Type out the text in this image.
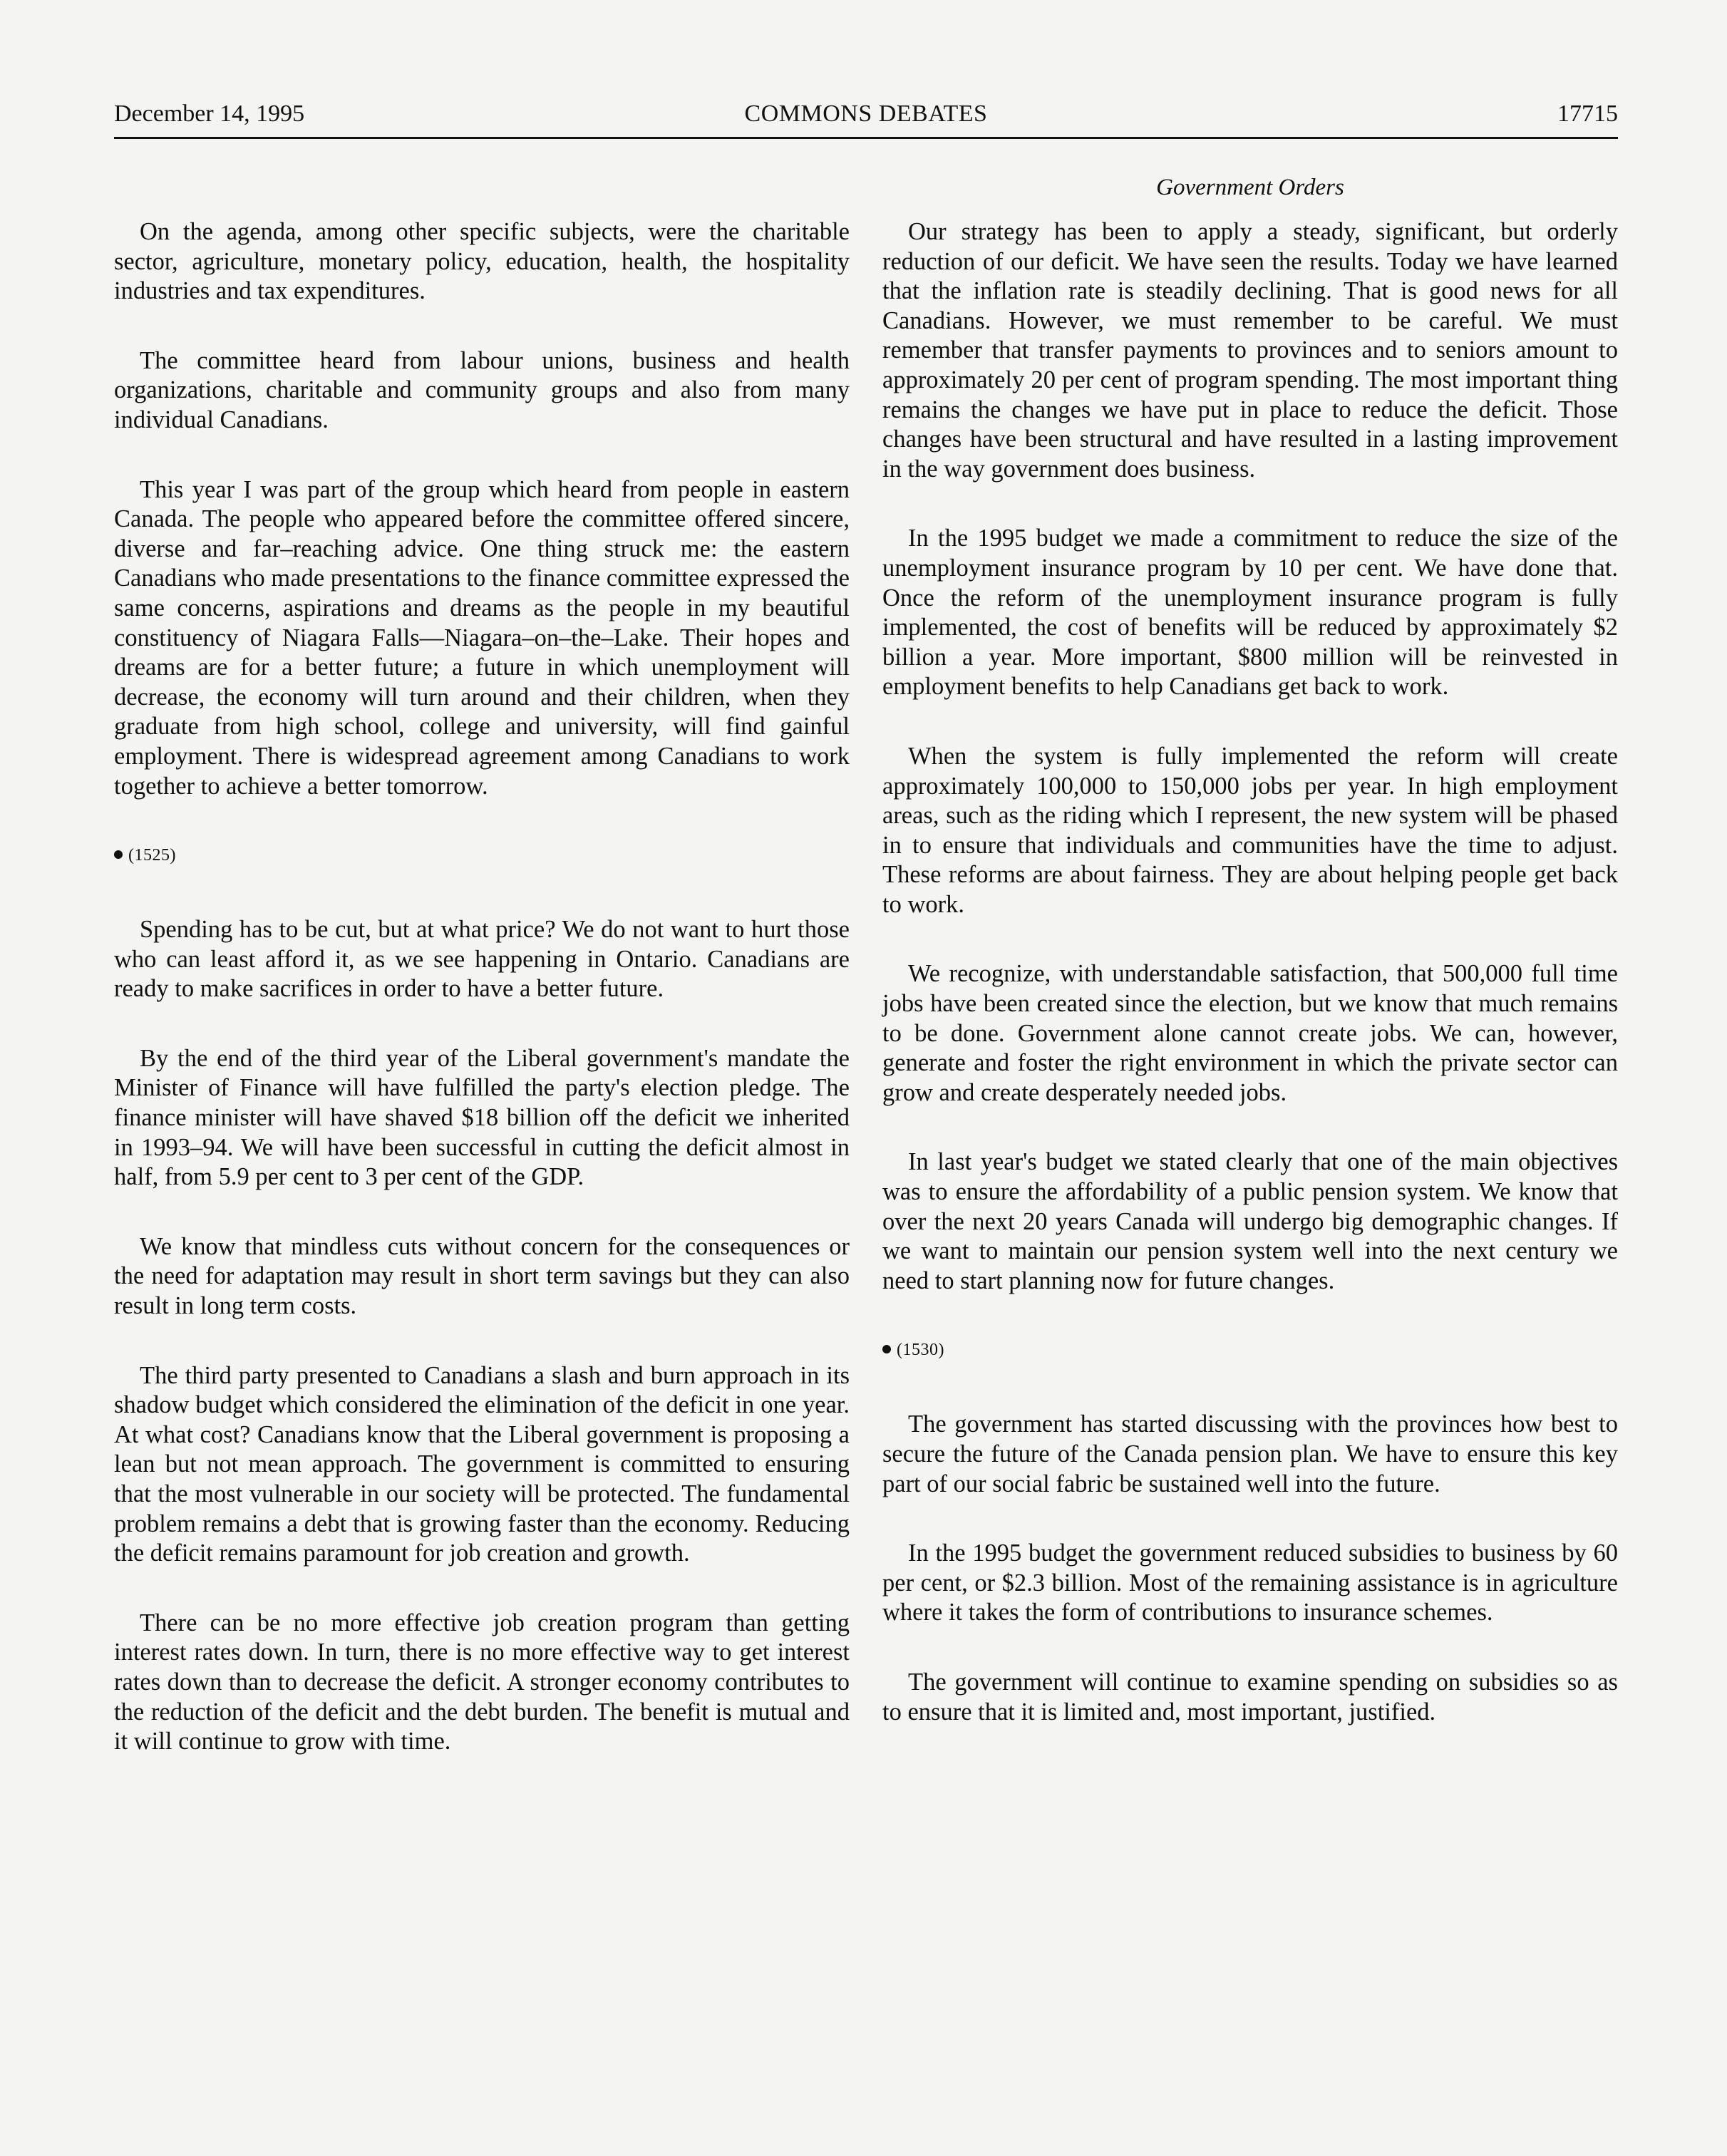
December 14, 1995	COMMONS DEBATES	17715
Government Orders

On the agenda, among other specific subjects, were the charitable sector, agriculture, monetary policy, education, health, the hospitality industries and tax expenditures.

The committee heard from labour unions, business and health organizations, charitable and community groups and also from many individual Canadians.

This year I was part of the group which heard from people in eastern Canada. The people who appeared before the committee offered sincere, diverse and far–reaching advice. One thing struck me: the eastern Canadians who made presentations to the finance committee expressed the same concerns, aspirations and dreams as the people in my beautiful constituency of Niagara Falls—Niagara–on–the–Lake. Their hopes and dreams are for a better future; a future in which unemployment will decrease, the economy will turn around and their children, when they graduate from high school, college and university, will find gainful employment. There is widespread agreement among Canadians to work together to achieve a better tomorrow.

(1525)

Spending has to be cut, but at what price? We do not want to hurt those who can least afford it, as we see happening in Ontario. Canadians are ready to make sacrifices in order to have a better future.

By the end of the third year of the Liberal government's mandate the Minister of Finance will have fulfilled the party's election pledge. The finance minister will have shaved $18 billion off the deficit we inherited in 1993–94. We will have been successful in cutting the deficit almost in half, from 5.9 per cent to 3 per cent of the GDP.

We know that mindless cuts without concern for the consequences or the need for adaptation may result in short term savings but they can also result in long term costs.

The third party presented to Canadians a slash and burn approach in its shadow budget which considered the elimination of the deficit in one year. At what cost? Canadians know that the Liberal government is proposing a lean but not mean approach. The government is committed to ensuring that the most vulnerable in our society will be protected. The fundamental problem remains a debt that is growing faster than the economy. Reducing the deficit remains paramount for job creation and growth.

There can be no more effective job creation program than getting interest rates down. In turn, there is no more effective way to get interest rates down than to decrease the deficit. A stronger economy contributes to the reduction of the deficit and the debt burden. The benefit is mutual and it will continue to grow with time.

Our strategy has been to apply a steady, significant, but orderly reduction of our deficit. We have seen the results. Today we have learned that the inflation rate is steadily declining. That is good news for all Canadians. However, we must remember to be careful. We must remember that transfer payments to provinces and to seniors amount to approximately 20 per cent of program spending. The most important thing remains the changes we have put in place to reduce the deficit. Those changes have been structural and have resulted in a lasting improvement in the way government does business.

In the 1995 budget we made a commitment to reduce the size of the unemployment insurance program by 10 per cent. We have done that. Once the reform of the unemployment insurance program is fully implemented, the cost of benefits will be reduced by approximately $2 billion a year. More important, $800 million will be reinvested in employment benefits to help Canadians get back to work.

When the system is fully implemented the reform will create approximately 100,000 to 150,000 jobs per year. In high employment areas, such as the riding which I represent, the new system will be phased in to ensure that individuals and communities have the time to adjust. These reforms are about fairness. They are about helping people get back to work.

We recognize, with understandable satisfaction, that 500,000 full time jobs have been created since the election, but we know that much remains to be done. Government alone cannot create jobs. We can, however, generate and foster the right environment in which the private sector can grow and create desperately needed jobs.

In last year's budget we stated clearly that one of the main objectives was to ensure the affordability of a public pension system. We know that over the next 20 years Canada will undergo big demographic changes. If we want to maintain our pension system well into the next century we need to start planning now for future changes.

(1530)

The government has started discussing with the provinces how best to secure the future of the Canada pension plan. We have to ensure this key part of our social fabric be sustained well into the future.

In the 1995 budget the government reduced subsidies to business by 60 per cent, or $2.3 billion. Most of the remaining assistance is in agriculture where it takes the form of contributions to insurance schemes.

The government will continue to examine spending on subsidies so as to ensure that it is limited and, most important, justified.
